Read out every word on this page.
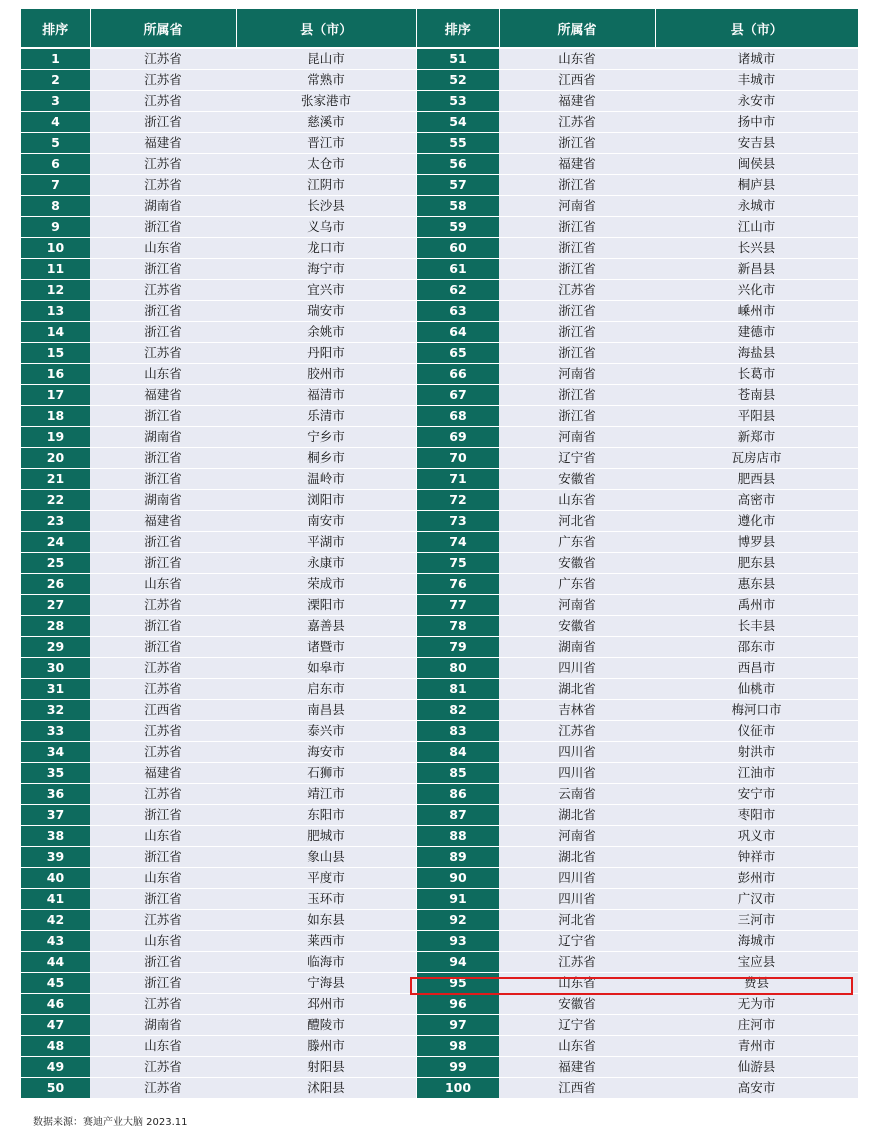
排序	所属省	县（市）

1	江苏省	昆山市
2	江苏省	常熟市
3	江苏省	张家港市
4	浙江省	慈溪市
5	福建省	晋江市
6	江苏省	太仓市
7	江苏省	江阴市
8	湖南省	长沙县
9	浙江省	义乌市
10	山东省	龙口市
11	浙江省	海宁市
12	江苏省	宜兴市
13	浙江省	瑞安市
14	浙江省	余姚市
15	江苏省	丹阳市
16	山东省	胶州市
17	福建省	福清市
18	浙江省	乐清市
19	湖南省	宁乡市
20	浙江省	桐乡市
21	浙江省	温岭市
22	湖南省	浏阳市
23	福建省	南安市
24	浙江省	平湖市
25	浙江省	永康市
26	山东省	荣成市
27	江苏省	溧阳市
28	浙江省	嘉善县
29	浙江省	诸暨市
30	江苏省	如皋市
31	江苏省	启东市
32	江西省	南昌县
33	江苏省	泰兴市
34	江苏省	海安市
35	福建省	石狮市
36	江苏省	靖江市
37	浙江省	东阳市
38	山东省	肥城市
39	浙江省	象山县
40	山东省	平度市
41	浙江省	玉环市
42	江苏省	如东县
43	山东省	莱西市
44	浙江省	临海市
45	浙江省	宁海县
46	江苏省	邳州市
47	湖南省	醴陵市
48	山东省	滕州市
49	江苏省	射阳县
50	江苏省	沭阳县
排序	所属省	县（市）

51	山东省	诸城市
52	江西省	丰城市
53	福建省	永安市
54	江苏省	扬中市
55	浙江省	安吉县
56	福建省	闽侯县
57	浙江省	桐庐县
58	河南省	永城市
59	浙江省	江山市
60	浙江省	长兴县
61	浙江省	新昌县
62	江苏省	兴化市
63	浙江省	嵊州市
64	浙江省	建德市
65	浙江省	海盐县
66	河南省	长葛市
67	浙江省	苍南县
68	浙江省	平阳县
69	河南省	新郑市
70	辽宁省	瓦房店市
71	安徽省	肥西县
72	山东省	高密市
73	河北省	遵化市
74	广东省	博罗县
75	安徽省	肥东县
76	广东省	惠东县
77	河南省	禹州市
78	安徽省	长丰县
79	湖南省	邵东市
80	四川省	西昌市
81	湖北省	仙桃市
82	吉林省	梅河口市
83	江苏省	仪征市
84	四川省	射洪市
85	四川省	江油市
86	云南省	安宁市
87	湖北省	枣阳市
88	河南省	巩义市
89	湖北省	钟祥市
90	四川省	彭州市
91	四川省	广汉市
92	河北省	三河市
93	辽宁省	海城市
94	江苏省	宝应县
95	山东省	费县
96	安徽省	无为市
97	辽宁省	庄河市
98	山东省	青州市
99	福建省	仙游县
100	江西省	高安市
数据来源：赛迪产业大脑 2023.11
